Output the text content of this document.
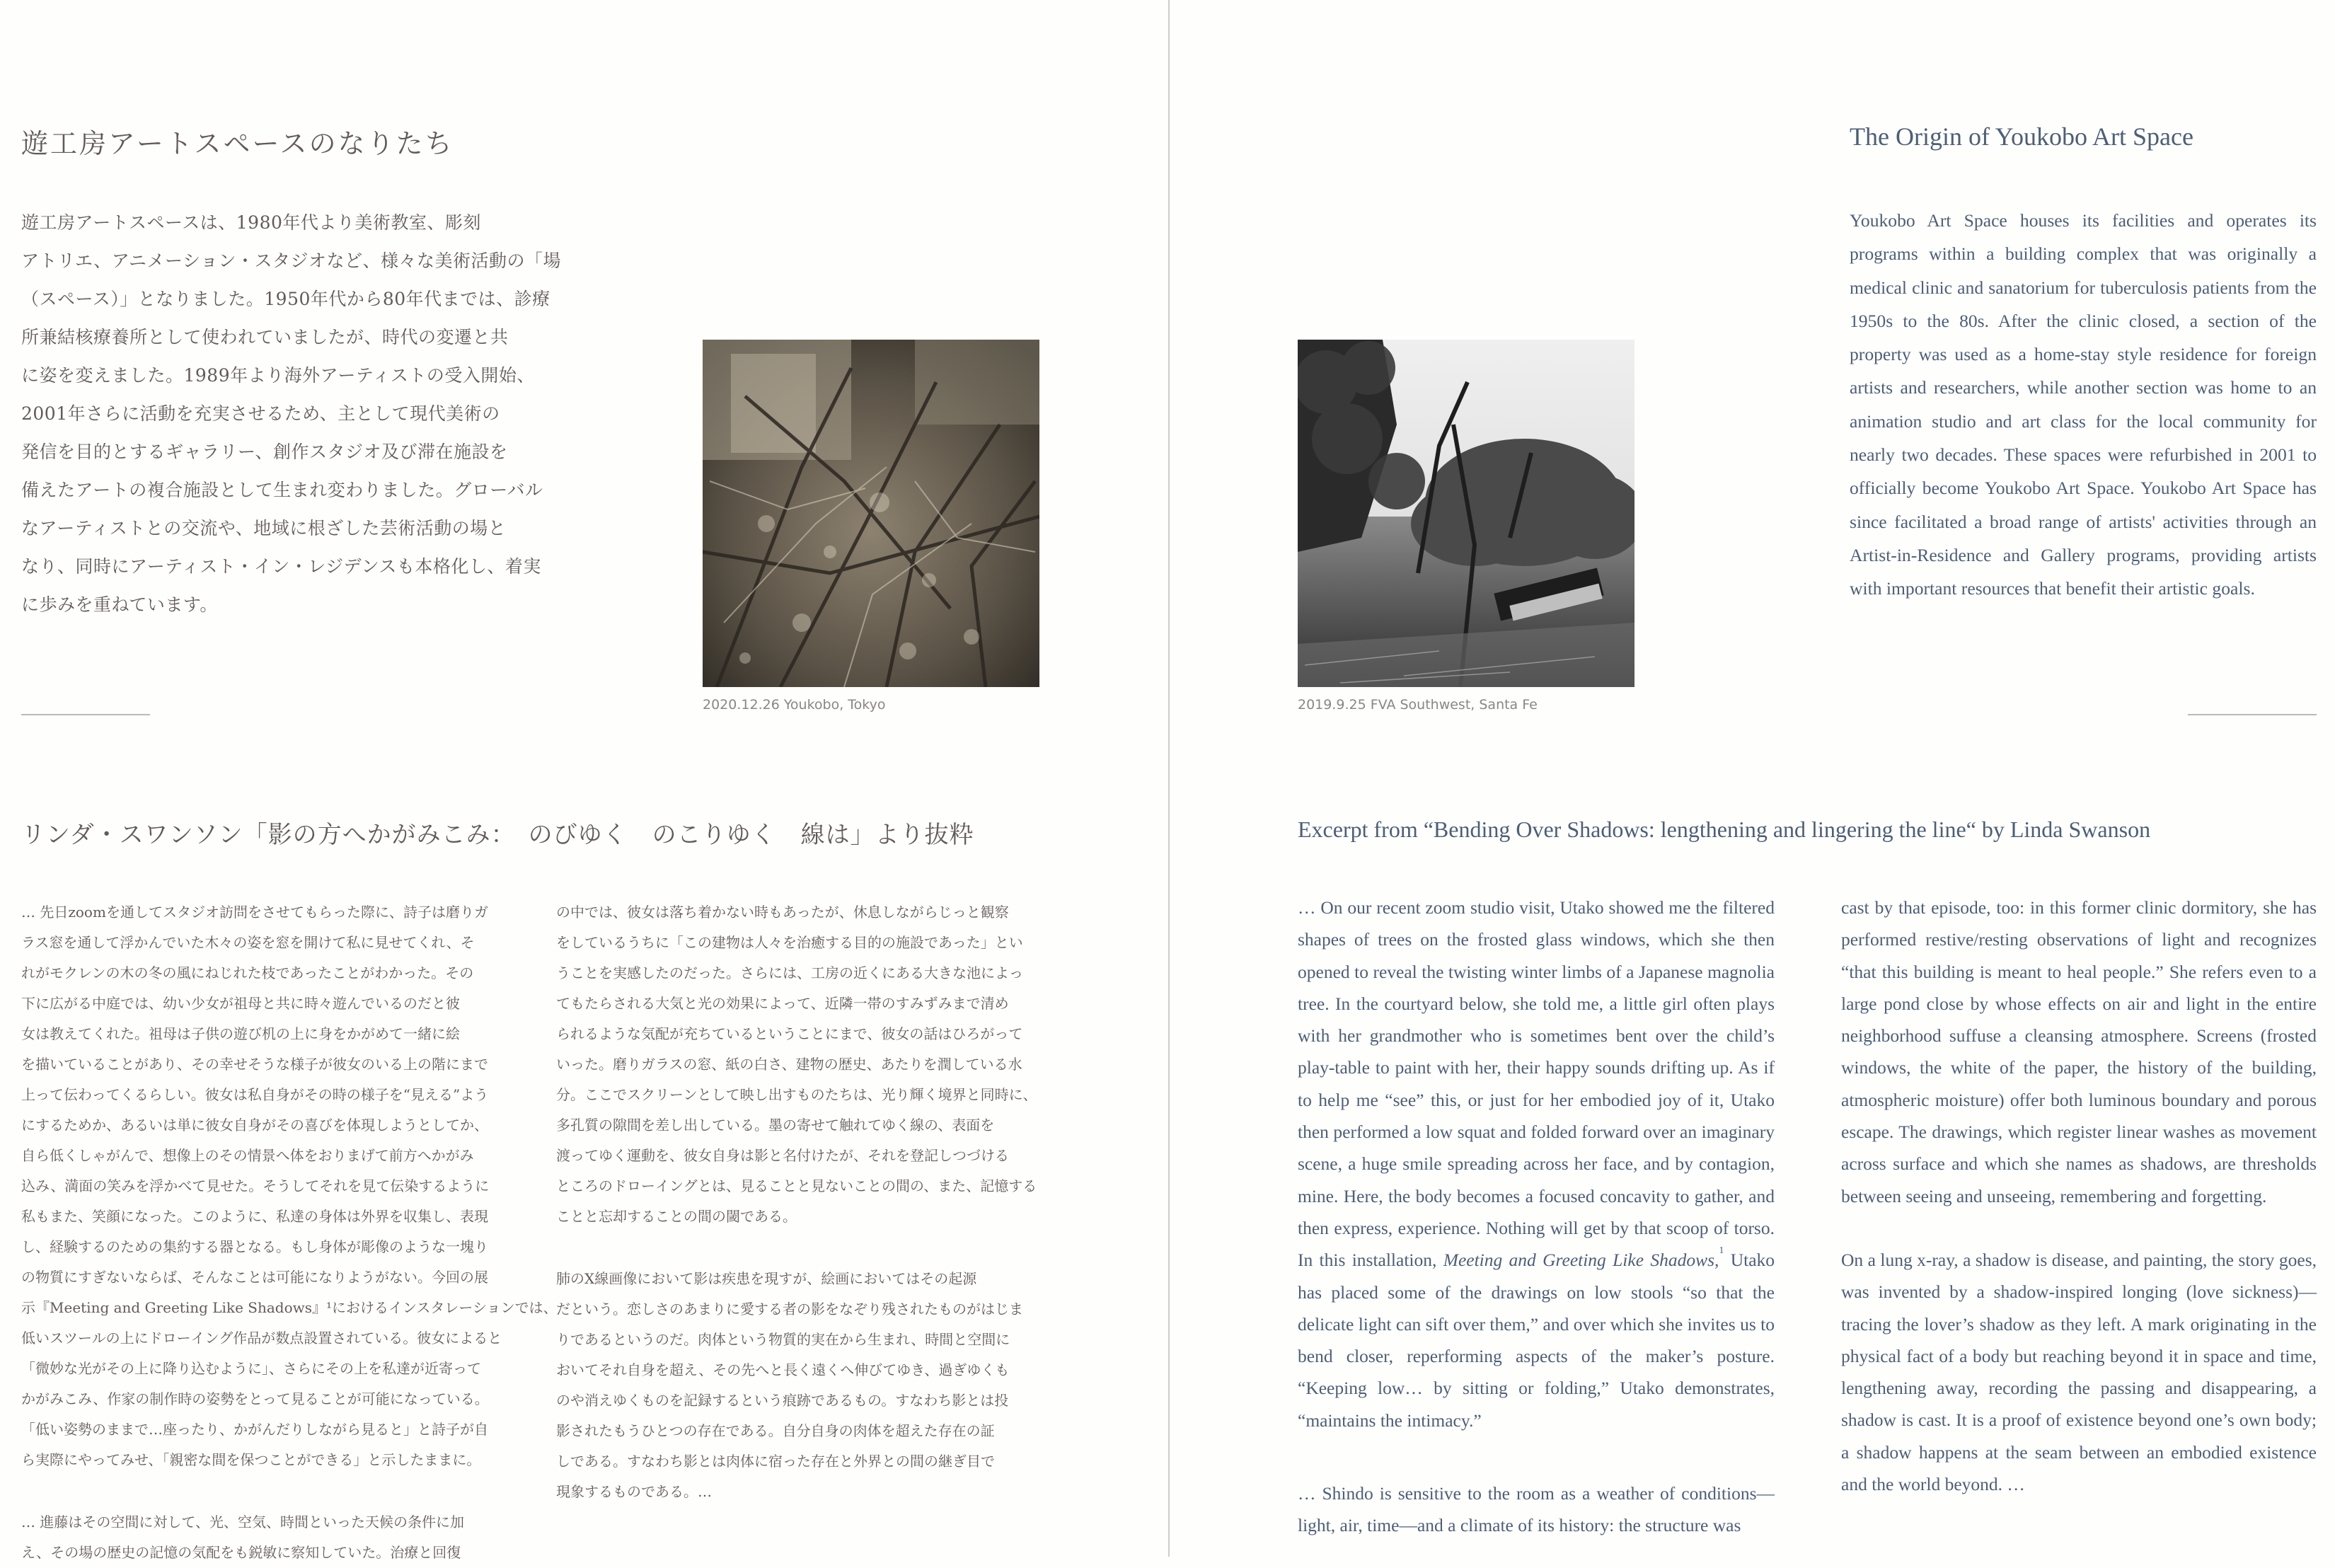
遊工房アートスペースのなりたち
遊工房アートスペースは、1980年代より美術教室、彫刻
アトリエ、アニメーション・スタジオなど、様々な美術活動の「場
（スペース）」となりました。1950年代から80年代までは、診療
所兼結核療養所として使われていましたが、時代の変遷と共
に姿を変えました。1989年より海外アーティストの受入開始、
2001年さらに活動を充実させるため、主として現代美術の
発信を目的とするギャラリー、創作スタジオ及び滞在施設を
備えたアートの複合施設として生まれ変わりました。グローバル
なアーティストとの交流や、地域に根ざした芸術活動の場と
なり、同時にアーティスト・イン・レジデンスも本格化し、着実
に歩みを重ねています。
2020.12.26 Youkobo, Tokyo
リンダ・スワンソン「影の方へかがみこみ：　のびゆく　のこりゆく　線は」より抜粋
… 先日zoomを通してスタジオ訪問をさせてもらった際に、詩子は磨りガ
ラス窓を通して浮かんでいた木々の姿を窓を開けて私に見せてくれ、そ
れがモクレンの木の冬の風にねじれた枝であったことがわかった。その
下に広がる中庭では、幼い少女が祖母と共に時々遊んでいるのだと彼
女は教えてくれた。祖母は子供の遊び机の上に身をかがめて一緒に絵
を描いていることがあり、その幸せそうな様子が彼女のいる上の階にまで
上って伝わってくるらしい。彼女は私自身がその時の様子を“見える”よう
にするためか、あるいは単に彼女自身がその喜びを体現しようとしてか、
自ら低くしゃがんで、想像上のその情景へ体をおりまげて前方へかがみ
込み、満面の笑みを浮かべて見せた。そうしてそれを見て伝染するように
私もまた、笑顔になった。このように、私達の身体は外界を収集し、表現
し、経験するのための集約する器となる。もし身体が彫像のような一塊り
の物質にすぎないならば、そんなことは可能になりようがない。今回の展
示『Meeting and Greeting Like Shadows』¹におけるインスタレーションでは、
低いスツールの上にドローイング作品が数点設置されている。彼女によると
「微妙な光がその上に降り込むように」、さらにその上を私達が近寄って
かがみこみ、作家の制作時の姿勢をとって見ることが可能になっている。
「低い姿勢のままで…座ったり、かがんだりしながら見ると」と詩子が自
ら実際にやってみせ、「親密な間を保つことができる」と示したままに。
… 進藤はその空間に対して、光、空気、時間といった天候の条件に加
え、その場の歴史の記憶の気配をも鋭敏に察知していた。治療と回復
の中では、彼女は落ち着かない時もあったが、休息しながらじっと観察
をしているうちに「この建物は人々を治癒する目的の施設であった」とい
うことを実感したのだった。さらには、工房の近くにある大きな池によっ
てもたらされる大気と光の効果によって、近隣一帯のすみずみまで清め
られるような気配が充ちているということにまで、彼女の話はひろがって
いった。磨りガラスの窓、紙の白さ、建物の歴史、あたりを潤している水
分。ここでスクリーンとして映し出すものたちは、光り輝く境界と同時に、
多孔質の隙間を差し出している。墨の寄せて触れてゆく線の、表面を
渡ってゆく運動を、彼女自身は影と名付けたが、それを登記しつづける
ところのドローイングとは、見ることと見ないことの間の、また、記憶する
ことと忘却することの間の閾である。
肺のX線画像において影は疾患を現すが、絵画においてはその起源
だという。恋しさのあまりに愛する者の影をなぞり残されたものがはじま
りであるというのだ。肉体という物質的実在から生まれ、時間と空間に
おいてそれ自身を超え、その先へと長く遠くへ伸びてゆき、過ぎゆくも
のや消えゆくものを記録するという痕跡であるもの。すなわち影とは投
影されたもうひとつの存在である。自分自身の肉体を超えた存在の証
しである。すなわち影とは肉体に宿った存在と外界との間の継ぎ目で
現象するものである。…
The Origin of Youkobo Art Space
Youkobo Art Space houses its facilities and operates its programs within a building complex that was originally a medical clinic and sanatorium for tuberculosis patients from the 1950s to the 80s. After the clinic closed, a section of the property was used as a home-stay style residence for foreign artists and researchers, while another section was home to an animation studio and art class for the local community for nearly two decades. These spaces were refurbished in 2001 to officially become Youkobo Art Space. Youkobo Art Space has since facilitated a broad range of artists' activities through an Artist-in-Residence and Gallery programs, providing artists with important resources that benefit their artistic goals.
2019.9.25 FVA Southwest, Santa Fe
Excerpt from “Bending Over Shadows: lengthening and lingering the line“ by Linda Swanson

… On our recent zoom studio visit, Utako showed me the filtered shapes of trees on the frosted glass windows, which she then opened to reveal the twisting winter limbs of a Japanese magnolia tree. In the courtyard below, she told me, a little girl often plays with her grandmother who is sometimes bent over the child’s play-table to paint with her, their happy sounds drifting up. As if to help me “see” this, or just for her embodied joy of it, Utako then performed a low squat and folded forward over an imaginary scene, a huge smile spreading across her face, and by contagion, mine. Here, the body becomes a focused concavity to gather, and then express, experience. Nothing will get by that scoop of torso. In this installation, Meeting and Greeting Like Shadows,$^1$ Utako has placed some of the drawings on low stools “so that the delicate light can sift over them,” and over which she invites us to bend closer, reperforming aspects of the maker’s posture. “Keeping low… by sitting or folding,” Utako demonstrates, “maintains the intimacy.”

… Shindo is sensitive to the room as a weather of conditions—light, air, time—and a climate of its history: the structure was

cast by that episode, too: in this former clinic dormitory, she has performed restive/resting observations of light and recognizes “that this building is meant to heal people.” She refers even to a large pond close by whose effects on air and light in the entire neighborhood suffuse a cleansing atmosphere. Screens (frosted windows, the white of the paper, the history of the building, atmospheric moisture) offer both luminous boundary and porous escape. The drawings, which register linear washes as movement across surface and which she names as shadows, are thresholds between seeing and unseeing, remembering and forgetting.

On a lung x-ray, a shadow is disease, and painting, the story goes, was invented by a shadow-inspired longing (love sickness)—tracing the lover’s shadow as they left. A mark originating in the physical fact of a body but reaching beyond it in space and time, lengthening away, recording the passing and disappearing, a shadow is cast. It is a proof of existence beyond one’s own body; a shadow happens at the seam between an embodied existence and the world beyond. …
